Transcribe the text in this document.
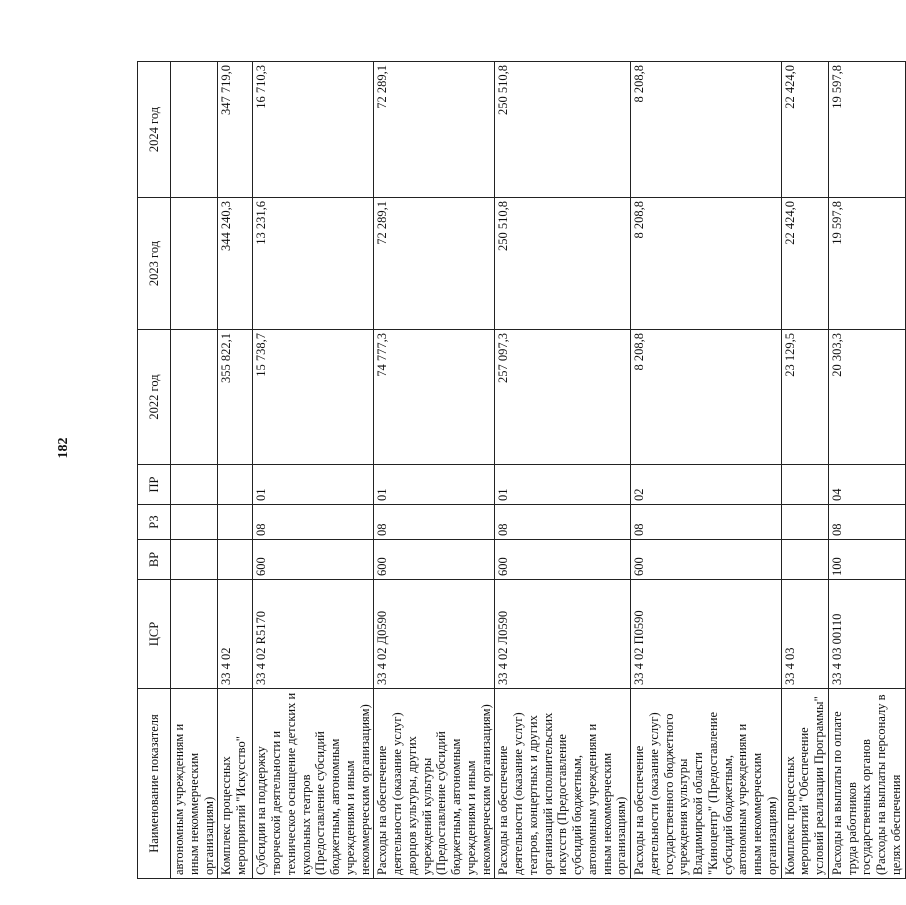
182
Наименование показателя	ЦСР	ВР	РЗ	ПР	2022 год	2023 год	2024 год
автономным учреждениям и иным некоммерческим организациям)							
Комплекс процессных мероприятий "Искусство"	33 4 02				355 822,1	344 240,3	347 719,0
Субсидии на поддержку творческой деятельности и техническое оснащение детских и кукольных театров (Предоставление субсидий бюджетным, автономным учреждениям и иным некоммерческим организациям)	33 4 02 R5170	600	08	01	15 738,7	13 231,6	16 710,3
Расходы на обеспечение деятельности (оказание услуг) дворцов культуры, других учреждений культуры (Предоставление субсидий бюджетным, автономным учреждениям и иным некоммерческим организациям)	33 4 02 Д0590	600	08	01	74 777,3	72 289,1	72 289,1
Расходы на обеспечение деятельности (оказание услуг) театров, концертных и других организаций исполнительских искусств (Предоставление субсидий бюджетным, автономным учреждениям и иным некоммерческим организациям)	33 4 02 Л0590	600	08	01	257 097,3	250 510,8	250 510,8
Расходы на обеспечение деятельности (оказание услуг) государственного бюджетного учреждения культуры Владимирской области "Киноцентр" (Предоставление субсидий бюджетным, автономным учреждениям и иным некоммерческим организациям)	33 4 02 П0590	600	08	02	8 208,8	8 208,8	8 208,8
Комплекс процессных мероприятий "Обеспечение условий реализации Программы"	33 4 03				23 129,5	22 424,0	22 424,0
Расходы на выплаты по оплате труда работников государственных органов (Расходы на выплаты персоналу в целях обеспечения	33 4 03 00110	100	08	04	20 303,3	19 597,8	19 597,8
